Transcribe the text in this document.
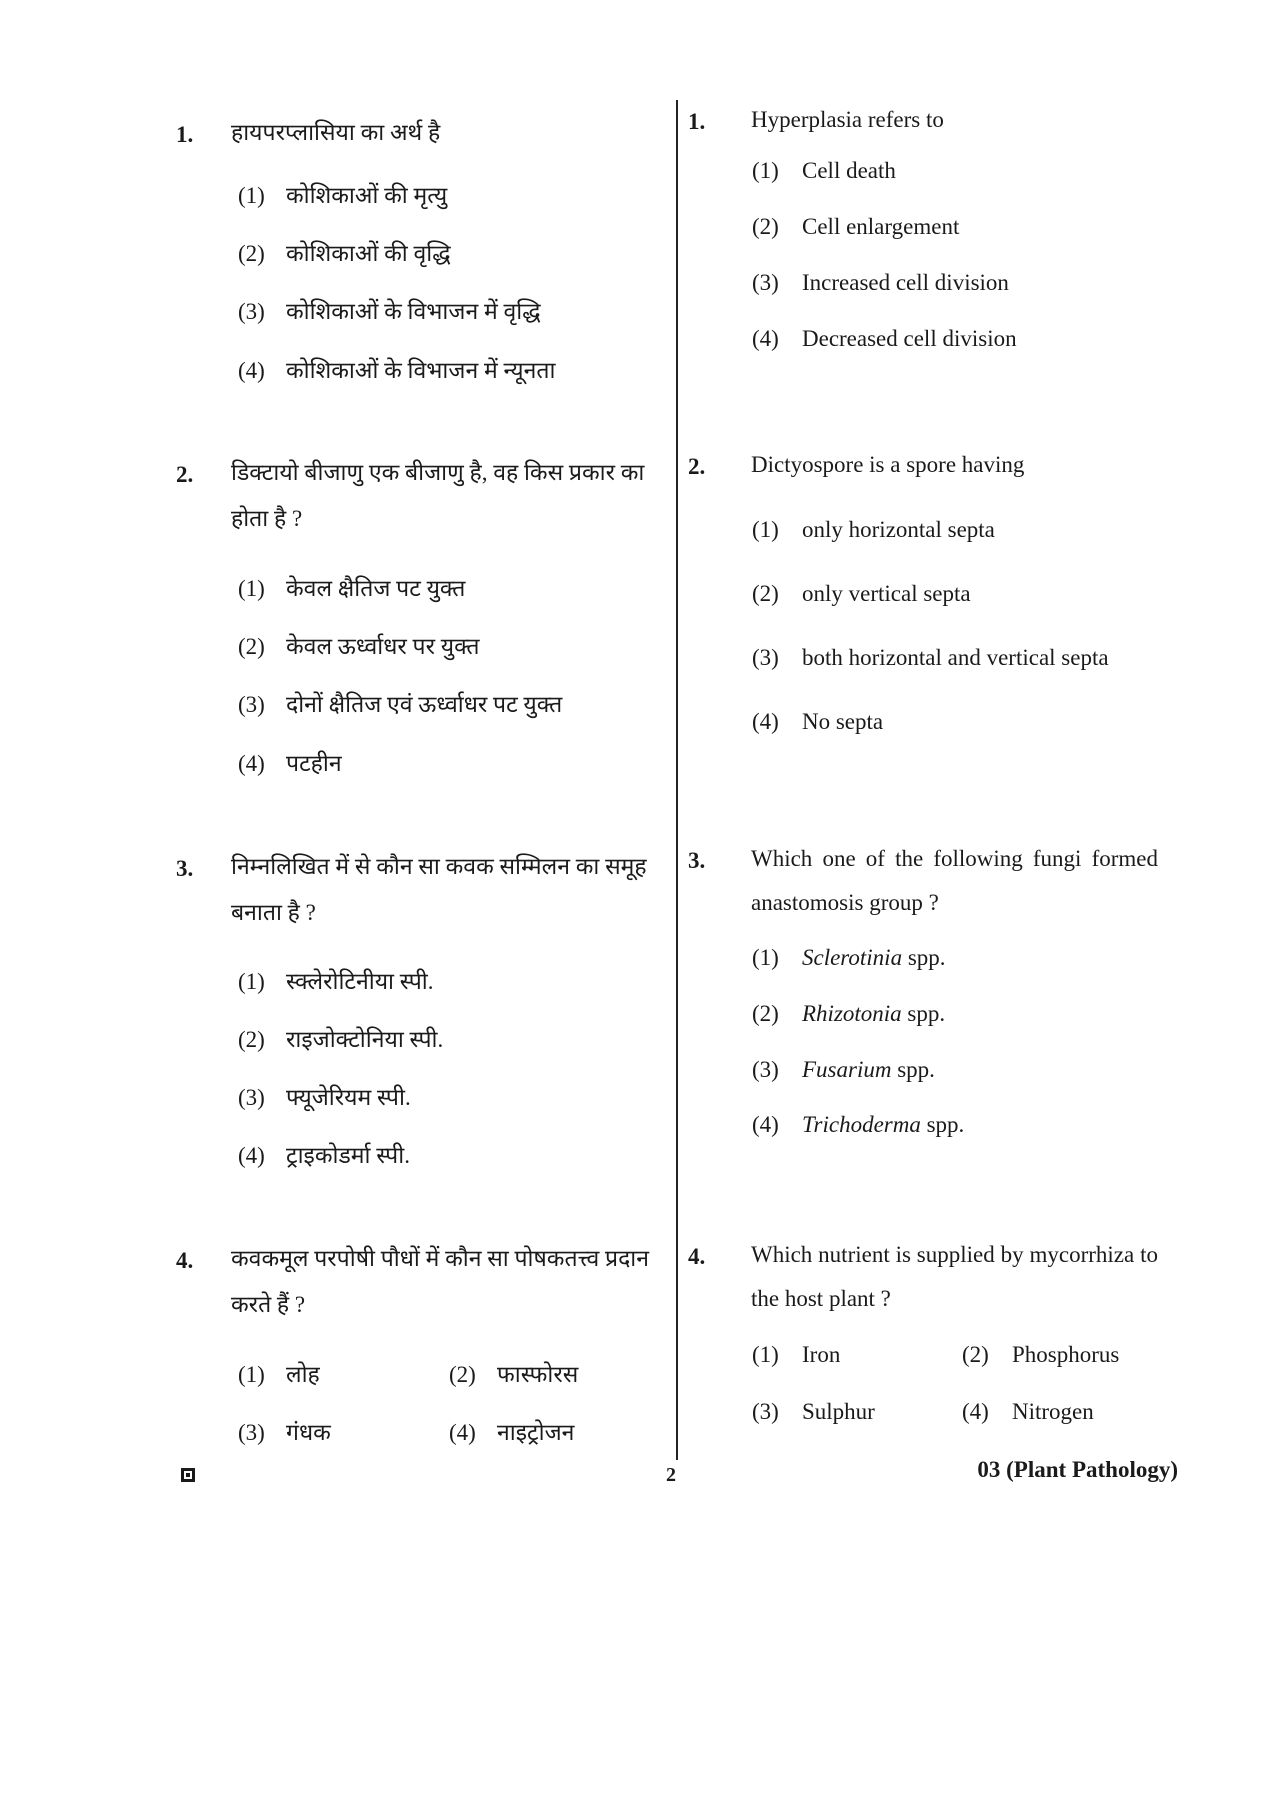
1. हायपरप्लासिया का अर्थ है
(1) कोशिकाओं की मृत्यु
(2) कोशिकाओं की वृद्धि
(3) कोशिकाओं के विभाजन में वृद्धि
(4) कोशिकाओं के विभाजन में न्यूनता
2. डिक्टायो बीजाणु एक बीजाणु है, वह किस प्रकार का होता है ?
(1) केवल क्षैतिज पट युक्त
(2) केवल ऊर्ध्वाधर पर युक्त
(3) दोनों क्षैतिज एवं ऊर्ध्वाधर पट युक्त
(4) पटहीन
3. निम्नलिखित में से कौन सा कवक सम्मिलन का समूह बनाता है ?
(1) स्क्लेरोटिनीया स्पी.
(2) राइजोक्टोनिया स्पी.
(3) फ्यूजेरियम स्पी.
(4) ट्राइकोडर्मा स्पी.
4. कवकमूल परपोषी पौधों में कौन सा पोषकतत्त्व प्रदान करते हैं ?
(1) लोह	(2) फास्फोरस
(3) गंधक	(4) नाइट्रोजन
1. Hyperplasia refers to
(1) Cell death
(2) Cell enlargement
(3) Increased cell division
(4) Decreased cell division
2. Dictyospore is a spore having
(1) only horizontal septa
(2) only vertical septa
(3) both horizontal and vertical septa
(4) No septa
3. Which one of the following fungi formed anastomosis group ?
(1) Sclerotinia spp.
(2) Rhizotonia spp.
(3) Fusarium spp.
(4) Trichoderma spp.
4. Which nutrient is supplied by mycorrhiza to the host plant ?
(1) Iron	(2) Phosphorus
(3) Sulphur	(4) Nitrogen
2	03 (Plant Pathology)
